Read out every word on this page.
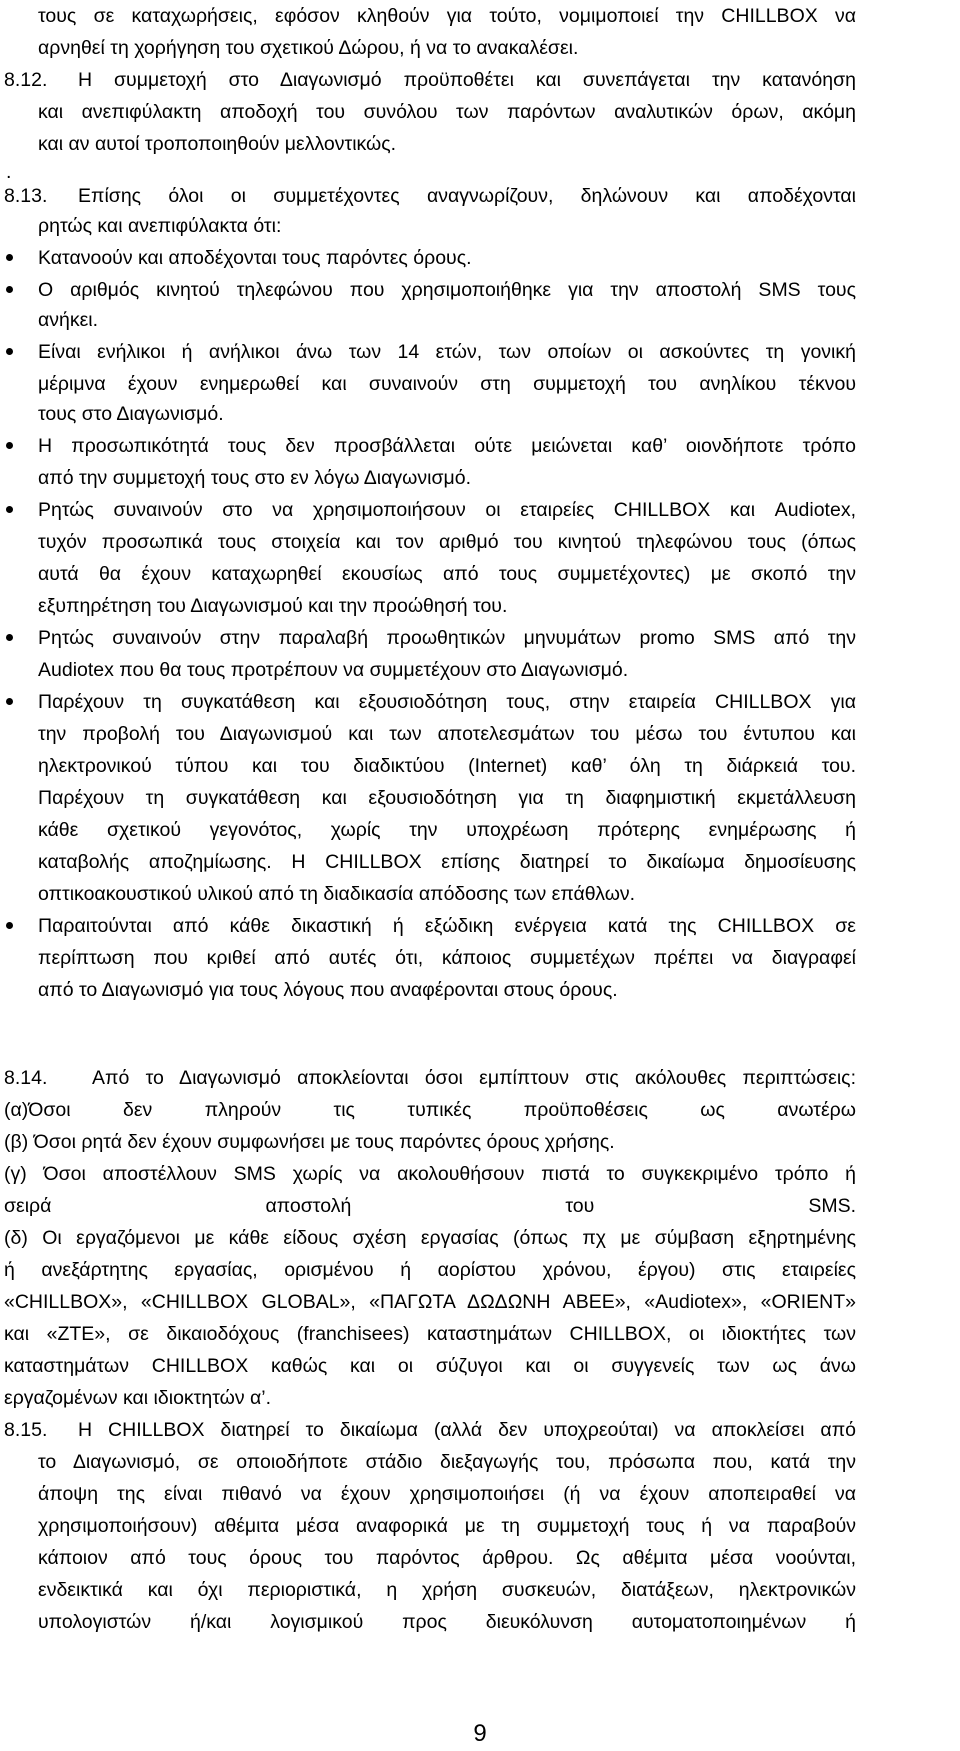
τους σε καταχωρήσεις, εφόσον κληθούν για τούτο, νομιμοποιεί την CHILLBOX να
αρνηθεί τη χορήγηση του σχετικού Δώρου, ή να το ανακαλέσει.
8.12. Η συμμετοχή στο Διαγωνισμό προϋποθέτει και συνεπάγεται την κατανόηση
και ανεπιφύλακτη αποδοχή του συνόλου των παρόντων αναλυτικών όρων, ακόμη
και αν αυτοί τροποποιηθούν μελλοντικώς.
.
8.13. Επίσης όλοι οι συμμετέχοντες αναγνωρίζουν, δηλώνουν και αποδέχονται
ρητώς και ανεπιφύλακτα ότι:
Κατανοούν και αποδέχονται τους παρόντες όρους.
Ο αριθμός κινητού τηλεφώνου που χρησιμοποιήθηκε για την αποστολή SMS τους
ανήκει.
Είναι ενήλικοι ή ανήλικοι άνω των 14 ετών, των οποίων οι ασκούντες τη γονική
μέριμνα έχουν ενημερωθεί και συναινούν στη συμμετοχή του ανηλίκου τέκνου
τους στο Διαγωνισμό.
Η προσωπικότητά τους δεν προσβάλλεται ούτε μειώνεται καθ’ οιονδήποτε τρόπο
από την συμμετοχή τους στο εν λόγω Διαγωνισμό.
Ρητώς συναινούν στο να χρησιμοποιήσουν οι εταιρείες CHILLBOX και Audiotex,
τυχόν προσωπικά τους στοιχεία και τον αριθμό του κινητού τηλεφώνου τους (όπως
αυτά θα έχουν καταχωρηθεί εκουσίως από τους συμμετέχοντες) με σκοπό την
εξυπηρέτηση του Διαγωνισμού και την προώθησή του.
Ρητώς συναινούν στην παραλαβή προωθητικών μηνυμάτων promo SMS από την
Audiotex που θα τους προτρέπουν να συμμετέχουν στο Διαγωνισμό.
Παρέχουν τη συγκατάθεση και εξουσιοδότηση τους, στην εταιρεία CHILLBOX για
την προβολή του Διαγωνισμού και των αποτελεσμάτων του μέσω του έντυπου και
ηλεκτρονικού τύπου και του διαδικτύου (Internet) καθ’ όλη τη διάρκειά του.
Παρέχουν τη συγκατάθεση και εξουσιοδότηση για τη διαφημιστική εκμετάλλευση
κάθε σχετικού γεγονότος, χωρίς την υποχρέωση πρότερης ενημέρωσης ή
καταβολής αποζημίωσης. Η CHILLBOX επίσης διατηρεί το δικαίωμα δημοσίευσης
οπτικοακουστικού υλικού από τη διαδικασία απόδοσης των επάθλων.
Παραιτούνται από κάθε δικαστική ή εξώδικη ενέργεια κατά της CHILLBOX σε
περίπτωση που κριθεί από αυτές ότι, κάποιος συμμετέχων πρέπει να διαγραφεί
από το Διαγωνισμό για τους λόγους που αναφέρονται στους όρους.
8.14. Από το Διαγωνισμό αποκλείονται όσοι εμπίπτουν στις ακόλουθες περιπτώσεις:
(α)Όσοι δεν πληρούν τις τυπικές προϋποθέσεις ως ανωτέρω
(β) Όσοι ρητά δεν έχουν συμφωνήσει με τους παρόντες όρους χρήσης.
(γ) Όσοι αποστέλλουν SMS χωρίς να ακολουθήσουν πιστά το συγκεκριμένο τρόπο ή
σειρά αποστολή του SMS.
(δ) Οι εργαζόμενοι με κάθε είδους σχέση εργασίας (όπως πχ με σύμβαση εξηρτημένης
ή ανεξάρτητης εργασίας, ορισμένου ή αορίστου χρόνου, έργου) στις εταιρείες
«CHILLBOX», «CHILLBOX GLOBAL», «ΠΑΓΩΤΑ ΔΩΔΩΝΗ ΑΒΕΕ», «Audiotex», «ORIENT»
και «ZTE», σε δικαιοδόχους (franchisees) καταστημάτων CHILLBOX, οι ιδιοκτήτες των
καταστημάτων CHILLBOX καθώς και οι σύζυγοι και οι συγγενείς των ως άνω
εργαζομένων και ιδιοκτητών α’.
8.15. Η CHILLBOX διατηρεί το δικαίωμα (αλλά δεν υποχρεούται) να αποκλείσει από
το Διαγωνισμό, σε οποιοδήποτε στάδιο διεξαγωγής του, πρόσωπα που, κατά την
άποψη της είναι πιθανό να έχουν χρησιμοποιήσει (ή να έχουν αποπειραθεί να
χρησιμοποιήσουν) αθέμιτα μέσα αναφορικά με τη συμμετοχή τους ή να παραβούν
κάποιον από τους όρους του παρόντος άρθρου. Ως αθέμιτα μέσα νοούνται,
ενδεικτικά και όχι περιοριστικά, η χρήση συσκευών, διατάξεων, ηλεκτρονικών
υπολογιστών ή/και λογισμικού προς διευκόλυνση αυτοματοποιημένων ή
9
